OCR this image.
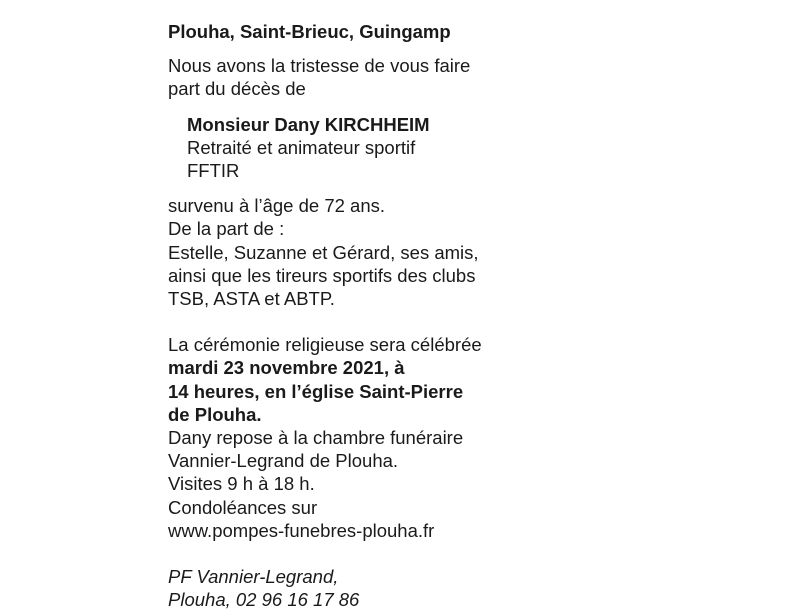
Plouha, Saint-Brieuc, Guingamp
Nous avons la tristesse de vous faire
part du décès de
Monsieur Dany KIRCHHEIM
Retraité et animateur sportif
FFTIR
survenu à l’âge de 72 ans.
De la part de :
Estelle, Suzanne et Gérard, ses amis,
ainsi que les tireurs sportifs des clubs
TSB, ASTA et ABTP.
La cérémonie religieuse sera célébrée
mardi 23 novembre 2021, à
14 heures, en l’église Saint-Pierre
de Plouha.
Dany repose à la chambre funéraire
Vannier-Legrand de Plouha.
Visites 9 h à 18 h.
Condoléances sur
www.pompes-funebres-plouha.fr
PF Vannier-Legrand,
Plouha, 02 96 16 17 86
